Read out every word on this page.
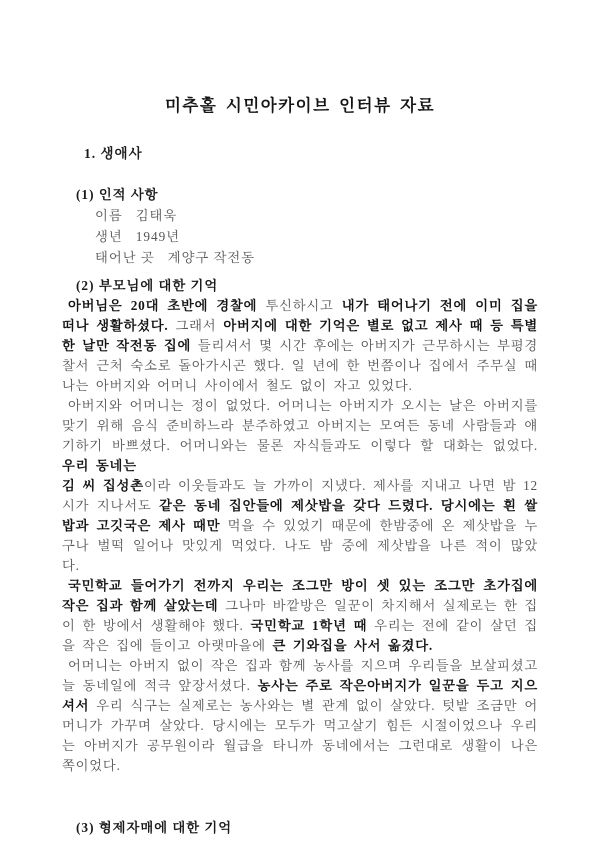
미추홀 시민아카이브 인터뷰 자료
1. 생애사
(1) 인적 사항
이름 김태욱
생년 1949년
태어난 곳 계양구 작전동
(2) 부모님에 대한 기억

아버님은 20대 초반에 경찰에 투신하시고 내가 태어나기 전에 이미 집을 떠나 생활하셨다. 그래서 아버지에 대한 기억은 별로 없고 제사 때 등 특별한 날만 작전동 집에 들리셔서 몇 시간 후에는 아버지가 근무하시는 부평경찰서 근처 숙소로 돌아가시곤 했다. 일 년에 한 번쯤이나 집에서 주무실 때 나는 아버지와 어머니 사이에서 철도 없이 자고 있었다.

아버지와 어머니는 정이 없었다. 어머니는 아버지가 오시는 날은 아버지를 맞기 위해 음식 준비하느라 분주하였고 아버지는 모여든 동네 사람들과 얘기하기 바쁘셨다. 어머니와는 물론 자식들과도 이렇다 할 대화는 없었다. 우리 동네는

김 씨 집성촌이라 이웃들과도 늘 가까이 지냈다. 제사를 지내고 나면 밤 12시가 지나서도 같은 동네 집안들에 제삿밥을 갖다 드렸다. 당시에는 흰 쌀밥과 고깃국은 제사 때만 먹을 수 있었기 때문에 한밤중에 온 제삿밥을 누구나 벌떡 일어나 맛있게 먹었다. 나도 밤 중에 제삿밥을 나른 적이 많았다.

국민학교 들어가기 전까지 우리는 조그만 방이 셋 있는 조그만 초가집에 작은 집과 함께 살았는데 그나마 바깥방은 일꾼이 차지해서 실제로는 한 집이 한 방에서 생활해야 했다. 국민학교 1학년 때 우리는 전에 같이 살던 집을 작은 집에 들이고 아랫마을에 큰 기와집을 사서 옮겼다.

어머니는 아버지 없이 작은 집과 함께 농사를 지으며 우리들을 보살피셨고 늘 동네일에 적극 앞장서셨다. 농사는 주로 작은아버지가 일꾼을 두고 지으셔서 우리 식구는 실제로는 농사와는 별 관계 없이 살았다. 텃밭 조금만 어머니가 가꾸며 살았다. 당시에는 모두가 먹고살기 힘든 시절이었으나 우리는 아버지가 공무원이라 월급을 타니까 동네에서는 그런대로 생활이 나은 쪽이었다.

(3) 형제자매에 대한 기억
